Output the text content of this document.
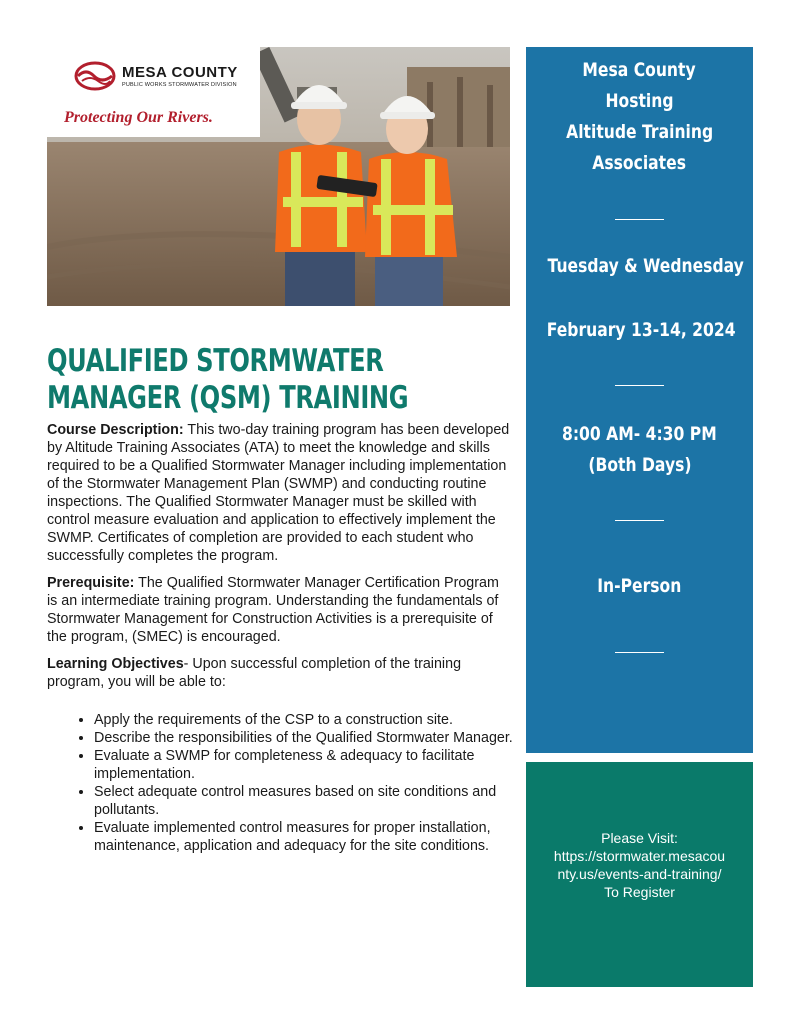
MESA COUNTY
PUBLIC WORKS STORMWATER DIVISION
Protecting Our Rivers.
QUALIFIED STORMWATER
MANAGER (QSM) TRAINING

Course Description: This two-day training program has been developed by Altitude Training Associates (ATA) to meet the knowledge and skills required to be a Qualified Stormwater Manager including implementation of the Stormwater Management Plan (SWMP) and conducting routine inspections. The Qualified Stormwater Manager must be skilled with control measure evaluation and application to effectively implement the SWMP. Certificates of completion are provided to each student who successfully completes the program.

Prerequisite: The Qualified Stormwater Manager Certification Program is an intermediate training program. Understanding the fundamentals of Stormwater Management for Construction Activities is a prerequisite of the program, (SMEC) is encouraged.

Learning Objectives- Upon successful completion of the training program, you will be able to:

• Apply the requirements of the CSP to a construction site.
• Describe the responsibilities of the Qualified Stormwater Manager.
• Evaluate a SWMP for completeness & adequacy to facilitate implementation.
• Select adequate control measures based on site conditions and pollutants.
• Evaluate implemented control measures for proper installation, maintenance, application and adequacy for the site conditions.
Mesa County
Hosting
Altitude Training
Associates
Tuesday & Wednesday
February 13-14, 2024
8:00 AM- 4:30 PM
(Both Days)
In-Person
Please Visit:
https://stormwater.mesacou
nty.us/events-and-training/
To Register
